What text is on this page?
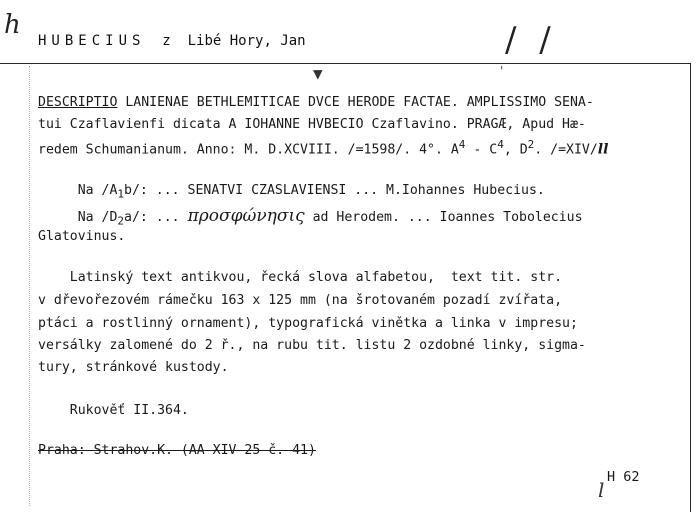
h
HUBECIUS z Libé Hory, Jan	/ /
▼	'
DESCRIPTIO LANIENAE BETHLEMITICAE DVCE HERODE FACTAE. AMPLISSIMO SENA-
tui Czaflavienfi dicata A IOHANNE HVBECIO Czaflavino. PRAGÆ, Apud Hæ-
redem Schumanianum. Anno: M. D.XCVIII. /=1598/. 4°. $A^4 - C^4$, $D^2$. /=XIV/ll
Na $/A_1b/$: ... SENATVI CZASLAVIENSI ... M.Iohannes Hubecius.
Na $/D_2a/$: ... προσφώνησις ad Herodem. ... Ioannes Tobolecius
Glatovinus.
Latinský text antikvou, řecká slova alfabetou,  text tit. str.
v dřevořezovém rámečku 163 x 125 mm (na šrotovaném pozadí zvířata,
ptáci a rostlinný ornament), typografická vinětka a linka v impresu;
versálky zalomené do 2 ř., na rubu tit. listu 2 ozdobné linky, sigma-
tury, stránkové kustody.
Rukověť II.364.
Praha: Strahov.K. (AA XIV 25 č. 41)
H 62
l
